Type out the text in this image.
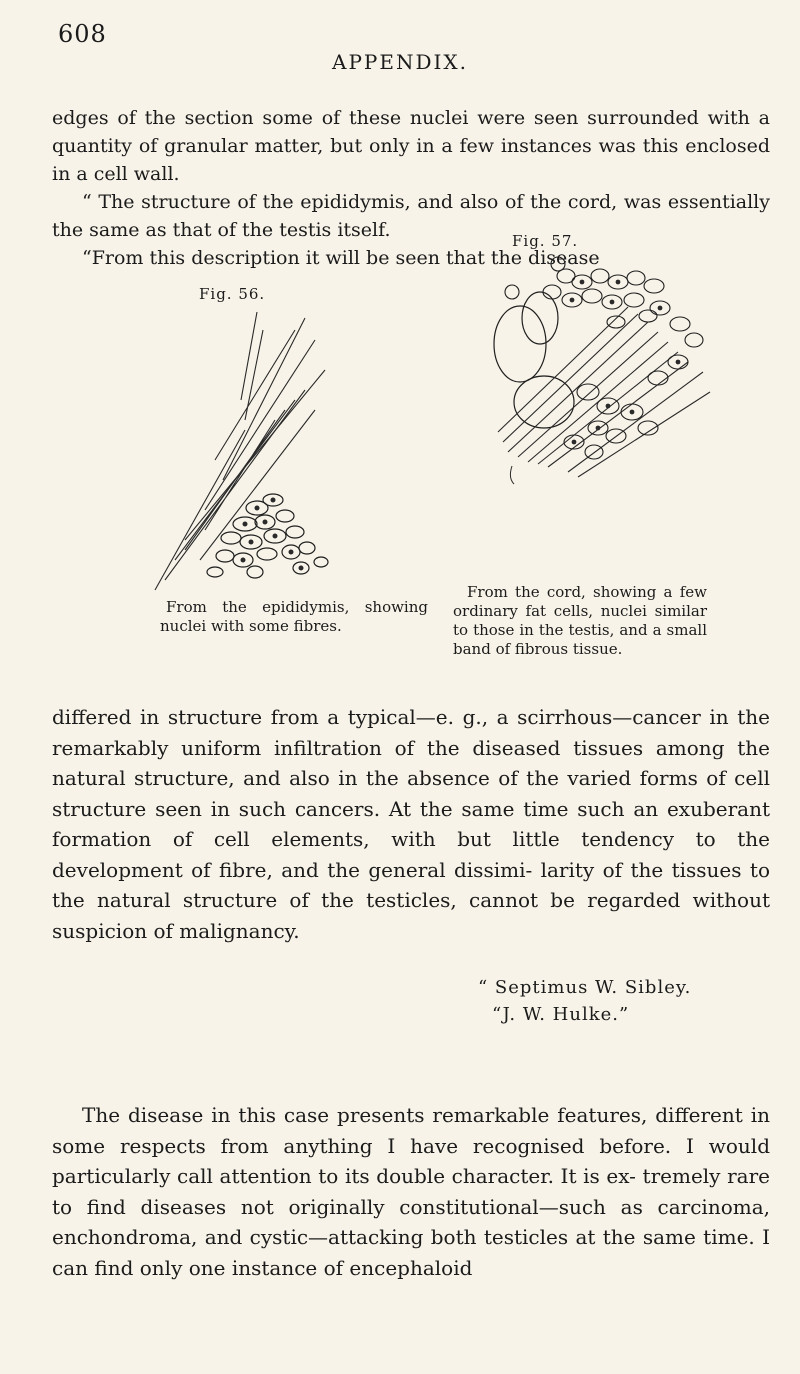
608
APPENDIX.

edges of the section some of these nuclei were seen surrounded with a quantity of granular matter, but only in a few instances was this enclosed in a cell wall.

“ The structure of the epididymis, and also of the cord, was essentially the same as that of the testis itself.

“From this description it will be seen that the disease

Fig. 56.

From the epididymis, showing nuclei with some fibres.

Fig. 57.

From the cord, showing a few ordinary fat cells, nuclei similar to those in the testis, and a small band of fibrous tissue.

differed in structure from a typical—e. g., a scirrhous—cancer in the remarkably uniform infiltration of the diseased tissues among the natural structure, and also in the absence of the varied forms of cell structure seen in such cancers. At the same time such an exuberant formation of cell elements, with but little tendency to the development of fibre, and the general dissimi- larity of the tissues to the natural structure of the testicles, cannot be regarded without suspicion of malignancy.

“ Septimus W. Sibley.
“J. W. Hulke.”

The disease in this case presents remarkable features, different in some respects from anything I have recognised before. I would particularly call attention to its double character. It is ex- tremely rare to find diseases not originally constitutional—such as carcinoma, enchondroma, and cystic—attacking both testicles at the same time. I can find only one instance of encephaloid
